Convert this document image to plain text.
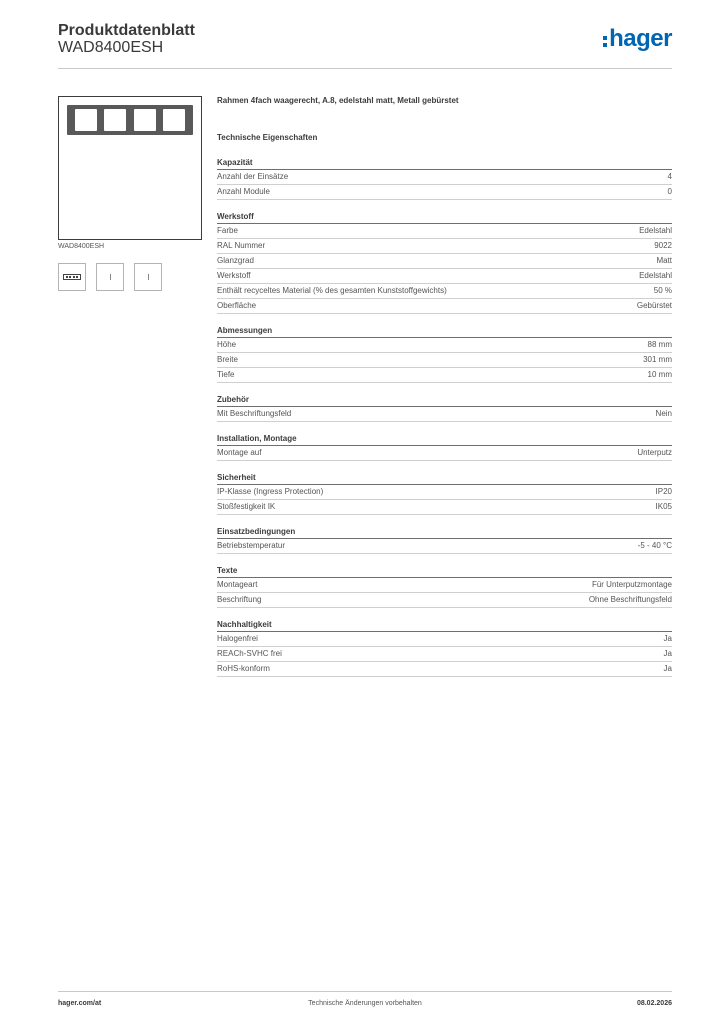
Produktdatenblatt
WAD8400ESH	hager
WAD8400ESH
Rahmen 4fach waagerecht, A.8, edelstahl matt, Metall gebürstet
Technische Eigenschaften
Kapazität
Anzahl der Einsätze	4
Anzahl Module	0
Werkstoff
Farbe	Edelstahl
RAL Nummer	9022
Glanzgrad	Matt
Werkstoff	Edelstahl
Enthält recyceltes Material (% des gesamten Kunststoffgewichts)	50 %
Oberfläche	Gebürstet
Abmessungen
Höhe	88 mm
Breite	301 mm
Tiefe	10 mm
Zubehör
Mit Beschriftungsfeld	Nein
Installation, Montage
Montage auf	Unterputz
Sicherheit
IP-Klasse (Ingress Protection)	IP20
Stoßfestigkeit IK	IK05
Einsatzbedingungen
Betriebstemperatur	-5 - 40 °C
Texte
Montageart	Für Unterputzmontage
Beschriftung	Ohne Beschriftungsfeld
Nachhaltigkeit
Halogenfrei	Ja
REACh-SVHC frei	Ja
RoHS-konform	Ja
hager.com/at	Technische Änderungen vorbehalten	08.02.2026
